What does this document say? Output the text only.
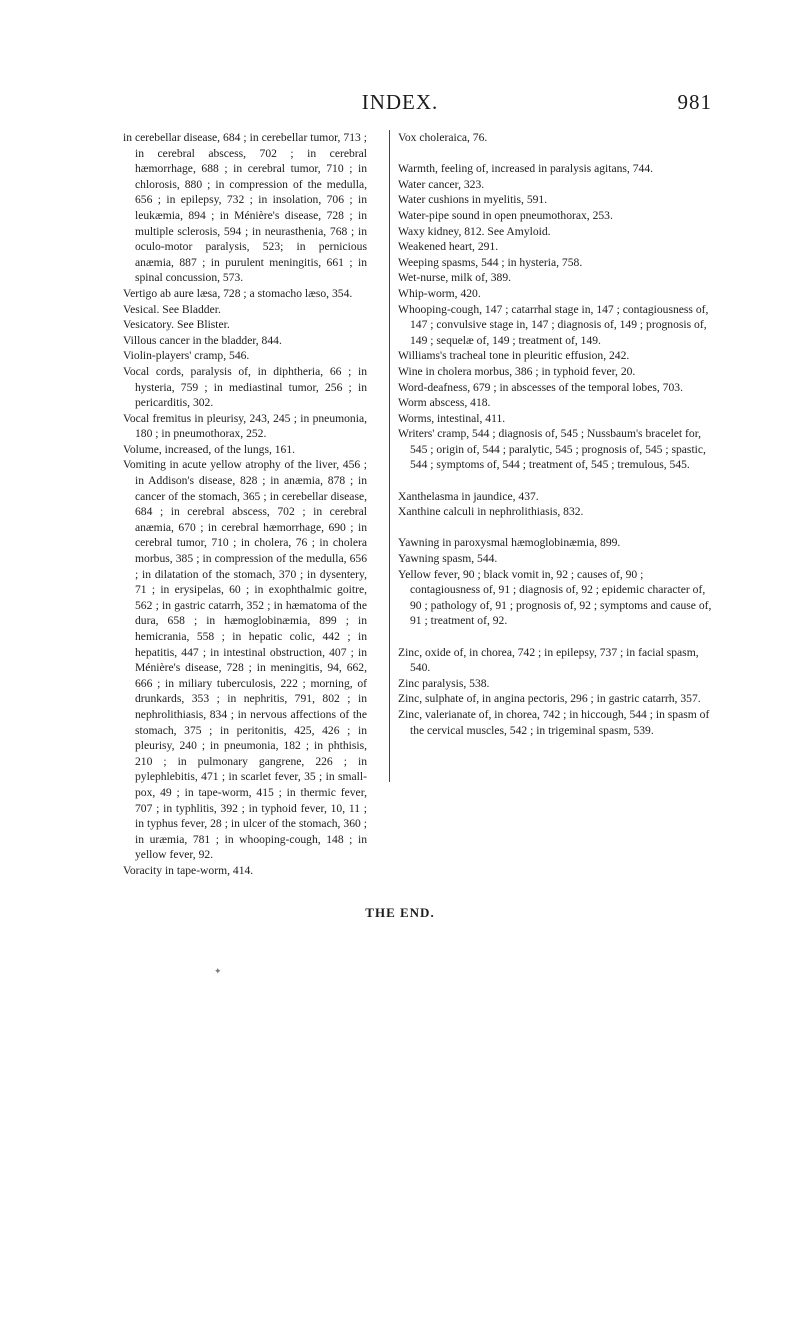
INDEX.	981

in cerebellar disease, 684 ; in cerebellar tumor, 713 ; in cerebral abscess, 702 ; in cerebral hæmorrhage, 688 ; in cerebral tumor, 710 ; in chlorosis, 880 ; in compression of the medulla, 656 ; in epilepsy, 732 ; in insolation, 706 ; in leukæmia, 894 ; in Ménière's disease, 728 ; in multiple sclerosis, 594 ; in neurasthenia, 768 ; in oculo-motor paralysis, 523; in pernicious anæmia, 887 ; in purulent meningitis, 661 ; in spinal concussion, 573.

Vertigo ab aure læsa, 728 ; a stomacho læso, 354.

Vesical. See Bladder.

Vesicatory. See Blister.

Villous cancer in the bladder, 844.

Violin-players' cramp, 546.

Vocal cords, paralysis of, in diphtheria, 66 ; in hysteria, 759 ; in mediastinal tumor, 256 ; in pericarditis, 302.

Vocal fremitus in pleurisy, 243, 245 ; in pneumonia, 180 ; in pneumothorax, 252.

Volume, increased, of the lungs, 161.

Vomiting in acute yellow atrophy of the liver, 456 ; in Addison's disease, 828 ; in anæmia, 878 ; in cancer of the stomach, 365 ; in cerebellar disease, 684 ; in cerebral abscess, 702 ; in cerebral anæmia, 670 ; in cerebral hæmorrhage, 690 ; in cerebral tumor, 710 ; in cholera, 76 ; in cholera morbus, 385 ; in compression of the medulla, 656 ; in dilatation of the stomach, 370 ; in dysentery, 71 ; in erysipelas, 60 ; in exophthalmic goitre, 562 ; in gastric catarrh, 352 ; in hæmatoma of the dura, 658 ; in hæmoglobinæmia, 899 ; in hemicrania, 558 ; in hepatic colic, 442 ; in hepatitis, 447 ; in intestinal obstruction, 407 ; in Ménière's disease, 728 ; in meningitis, 94, 662, 666 ; in miliary tuberculosis, 222 ; morning, of drunkards, 353 ; in nephritis, 791, 802 ; in nephrolithiasis, 834 ; in nervous affections of the stomach, 375 ; in peritonitis, 425, 426 ; in pleurisy, 240 ; in pneumonia, 182 ; in phthisis, 210 ; in pulmonary gangrene, 226 ; in pylephlebitis, 471 ; in scarlet fever, 35 ; in small-pox, 49 ; in tape-worm, 415 ; in thermic fever, 707 ; in typhlitis, 392 ; in typhoid fever, 10, 11 ; in typhus fever, 28 ; in ulcer of the stomach, 360 ; in uræmia, 781 ; in whooping-cough, 148 ; in yellow fever, 92.

Voracity in tape-worm, 414.

Vox choleraica, 76.

Warmth, feeling of, increased in paralysis agitans, 744.

Water cancer, 323.

Water cushions in myelitis, 591.

Water-pipe sound in open pneumothorax, 253.

Waxy kidney, 812. See Amyloid.

Weakened heart, 291.

Weeping spasms, 544 ; in hysteria, 758.

Wet-nurse, milk of, 389.

Whip-worm, 420.

Whooping-cough, 147 ; catarrhal stage in, 147 ; contagiousness of, 147 ; convulsive stage in, 147 ; diagnosis of, 149 ; prognosis of, 149 ; sequelæ of, 149 ; treatment of, 149.

Williams's tracheal tone in pleuritic effusion, 242.

Wine in cholera morbus, 386 ; in typhoid fever, 20.

Word-deafness, 679 ; in abscesses of the temporal lobes, 703.

Worm abscess, 418.

Worms, intestinal, 411.

Writers' cramp, 544 ; diagnosis of, 545 ; Nussbaum's bracelet for, 545 ; origin of, 544 ; paralytic, 545 ; prognosis of, 545 ; spastic, 544 ; symptoms of, 544 ; treatment of, 545 ; tremulous, 545.

Xanthelasma in jaundice, 437.

Xanthine calculi in nephrolithiasis, 832.

Yawning in paroxysmal hæmoglobinæmia, 899.

Yawning spasm, 544.

Yellow fever, 90 ; black vomit in, 92 ; causes of, 90 ; contagiousness of, 91 ; diagnosis of, 92 ; epidemic character of, 90 ; pathology of, 91 ; prognosis of, 92 ; symptoms and cause of, 91 ; treatment of, 92.

Zinc, oxide of, in chorea, 742 ; in epilepsy, 737 ; in facial spasm, 540.

Zinc paralysis, 538.

Zinc, sulphate of, in angina pectoris, 296 ; in gastric catarrh, 357.

Zinc, valerianate of, in chorea, 742 ; in hiccough, 544 ; in spasm of the cervical muscles, 542 ; in trigeminal spasm, 539.

THE END.
✦
